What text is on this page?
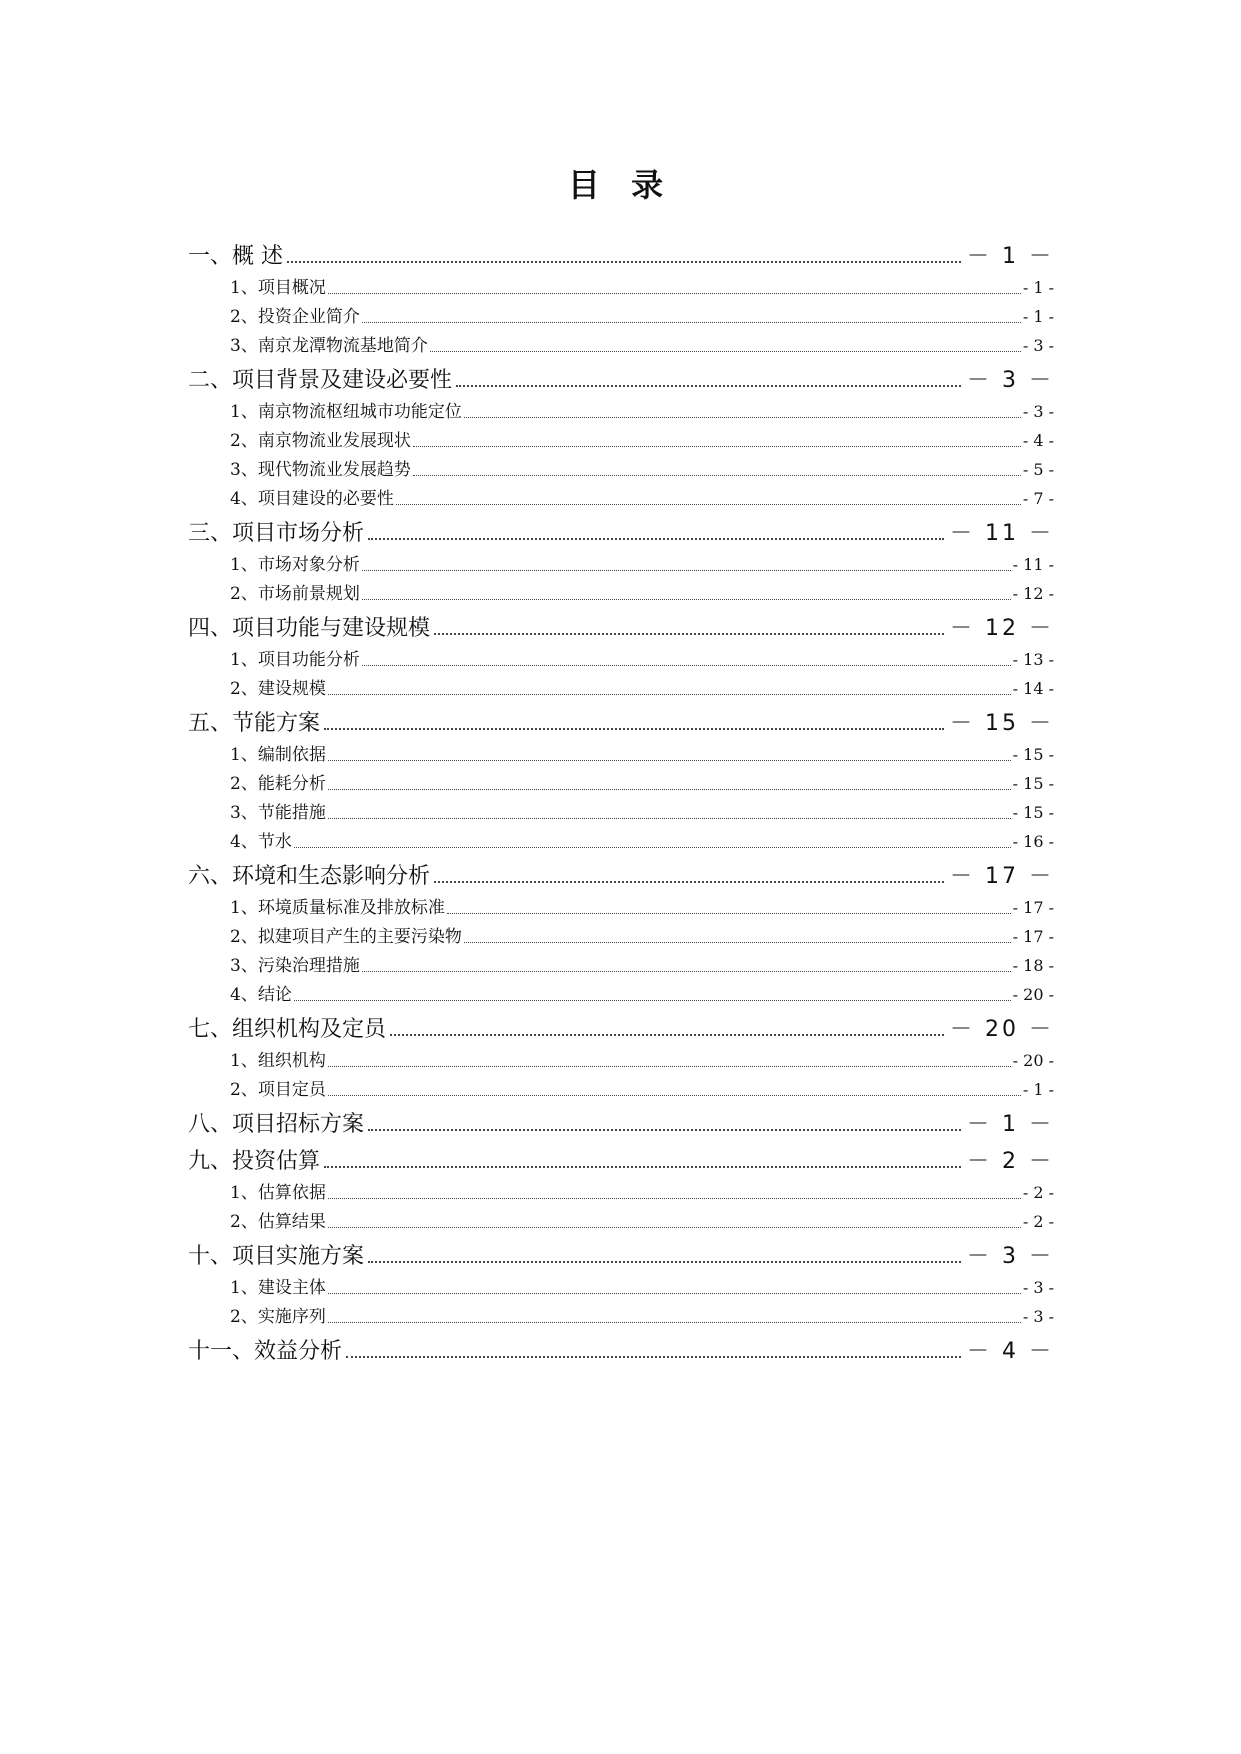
目 录
一、概 述	－ 1 －
1、项目概况	- 1 -
2、投资企业简介	- 1 -
3、南京龙潭物流基地简介	- 3 -
二、项目背景及建设必要性	－ 3 －
1、南京物流枢纽城市功能定位	- 3 -
2、南京物流业发展现状	- 4 -
3、现代物流业发展趋势	- 5 -
4、项目建设的必要性	- 7 -
三、项目市场分析	－ 11 －
1、市场对象分析	- 11 -
2、市场前景规划	- 12 -
四、项目功能与建设规模	－ 12 －
1、项目功能分析	- 13 -
2、建设规模	- 14 -
五、节能方案	－ 15 －
1、编制依据	- 15 -
2、能耗分析	- 15 -
3、节能措施	- 15 -
4、节水	- 16 -
六、环境和生态影响分析	－ 17 －
1、环境质量标准及排放标准	- 17 -
2、拟建项目产生的主要污染物	- 17 -
3、污染治理措施	- 18 -
4、结论	- 20 -
七、组织机构及定员	－ 20 －
1、组织机构	- 20 -
2、项目定员	- 1 -
八、项目招标方案	－ 1 －
九、投资估算	－ 2 －
1、估算依据	- 2 -
2、估算结果	- 2 -
十、项目实施方案	－ 3 －
1、建设主体	- 3 -
2、实施序列	- 3 -
十一、效益分析	－ 4 －
